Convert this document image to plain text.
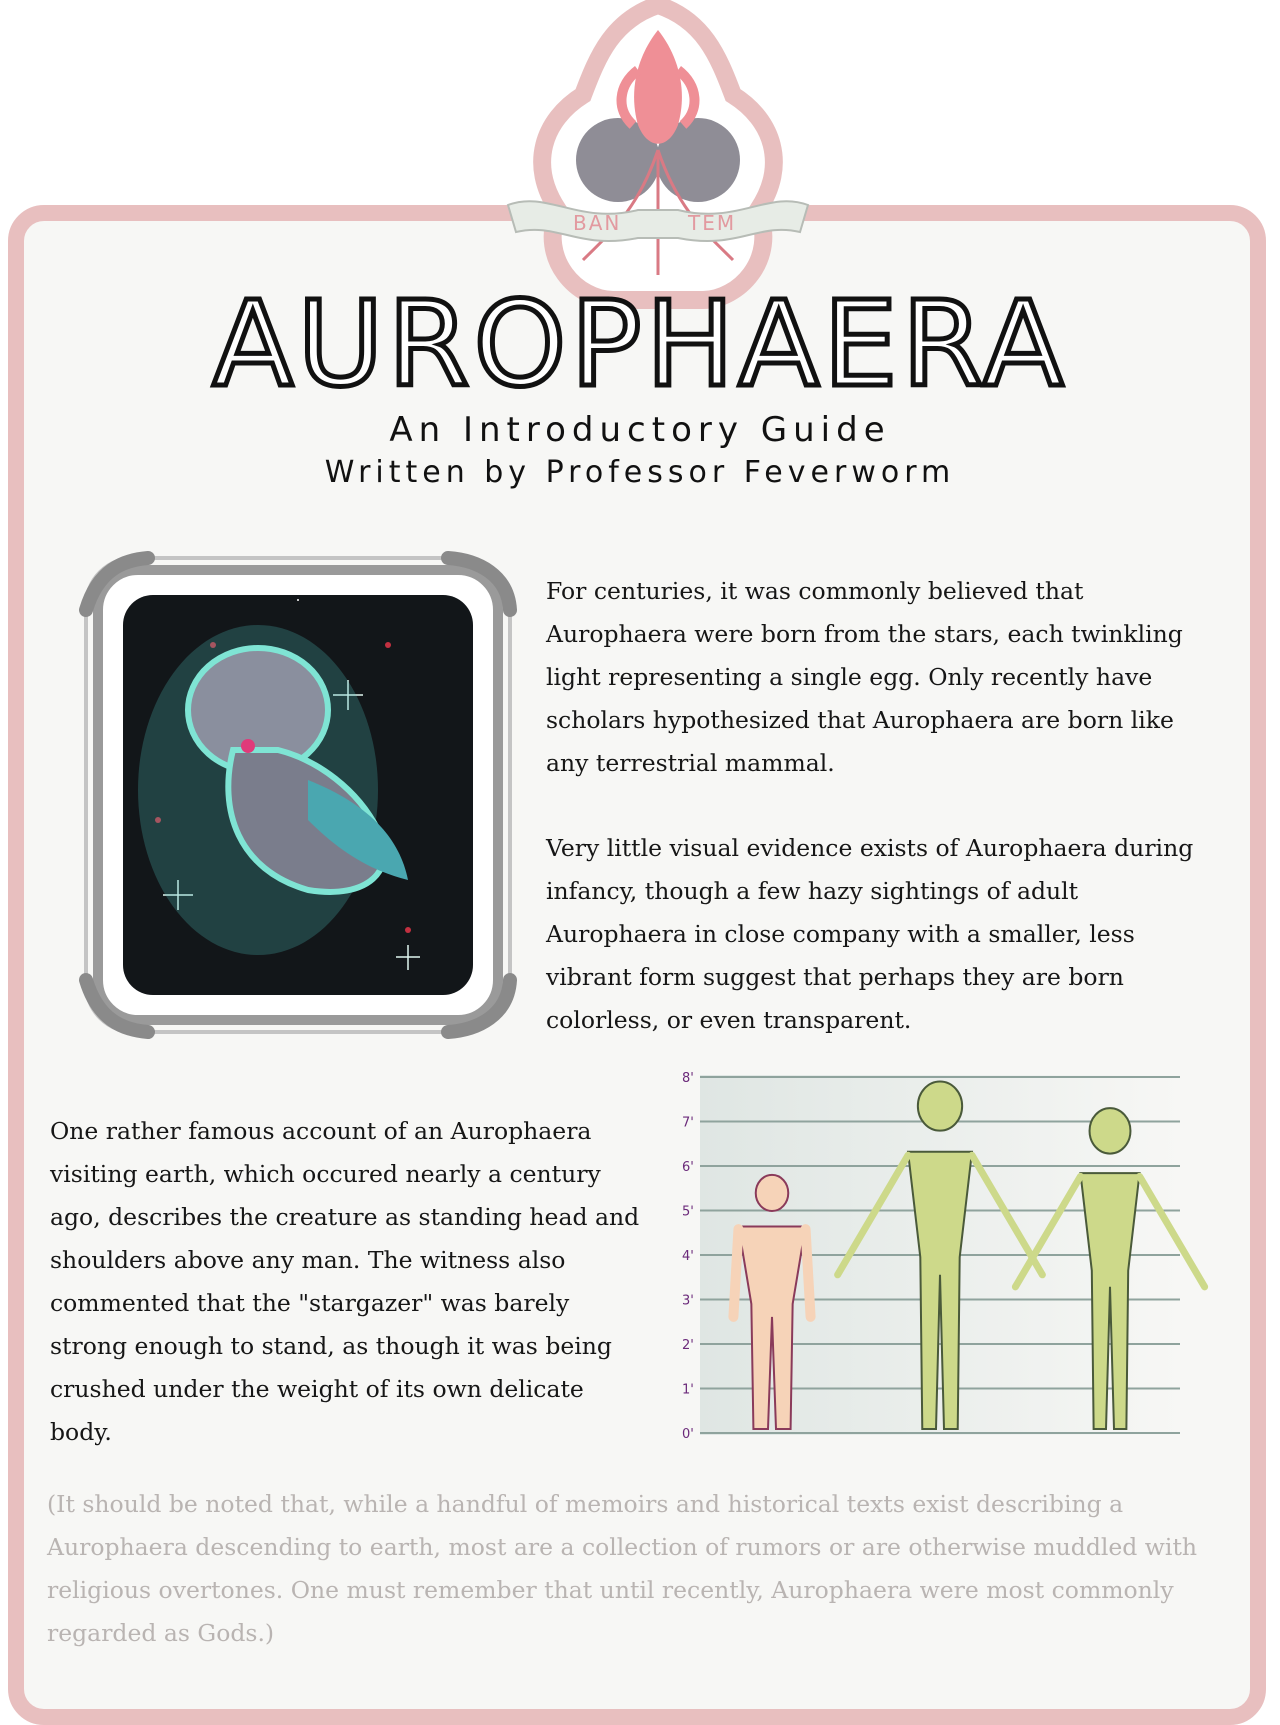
BAN	TEM
AUROPHAERA
An Introductory Guide
Written by Professor Feverworm

For centuries, it was commonly believed that Aurophaera were born from the stars, each twinkling light representing a single egg. Only recently have scholars hypothesized that Aurophaera are born like any terrestrial mammal.

Very little visual evidence exists of Aurophaera during infancy, though a few hazy sightings of adult Aurophaera in close company with a smaller, less vibrant form suggest that perhaps they are born colorless, or even transparent.

One rather famous account of an Aurophaera visiting earth, which occured nearly a century ago, describes the creature as standing head and shoulders above any man. The witness also commented that the "stargazer" was barely strong enough to stand, as though it was being crushed under the weight of its own delicate body.

(It should be noted that, while a handful of memoirs and historical texts exist describing a Aurophaera descending to earth, most are a collection of rumors or are otherwise muddled with religious overtones. One must remember that until recently, Aurophaera were most commonly regarded as Gods.)

0'
1'
2'
3'
4'
5'
6'
7'
8'
